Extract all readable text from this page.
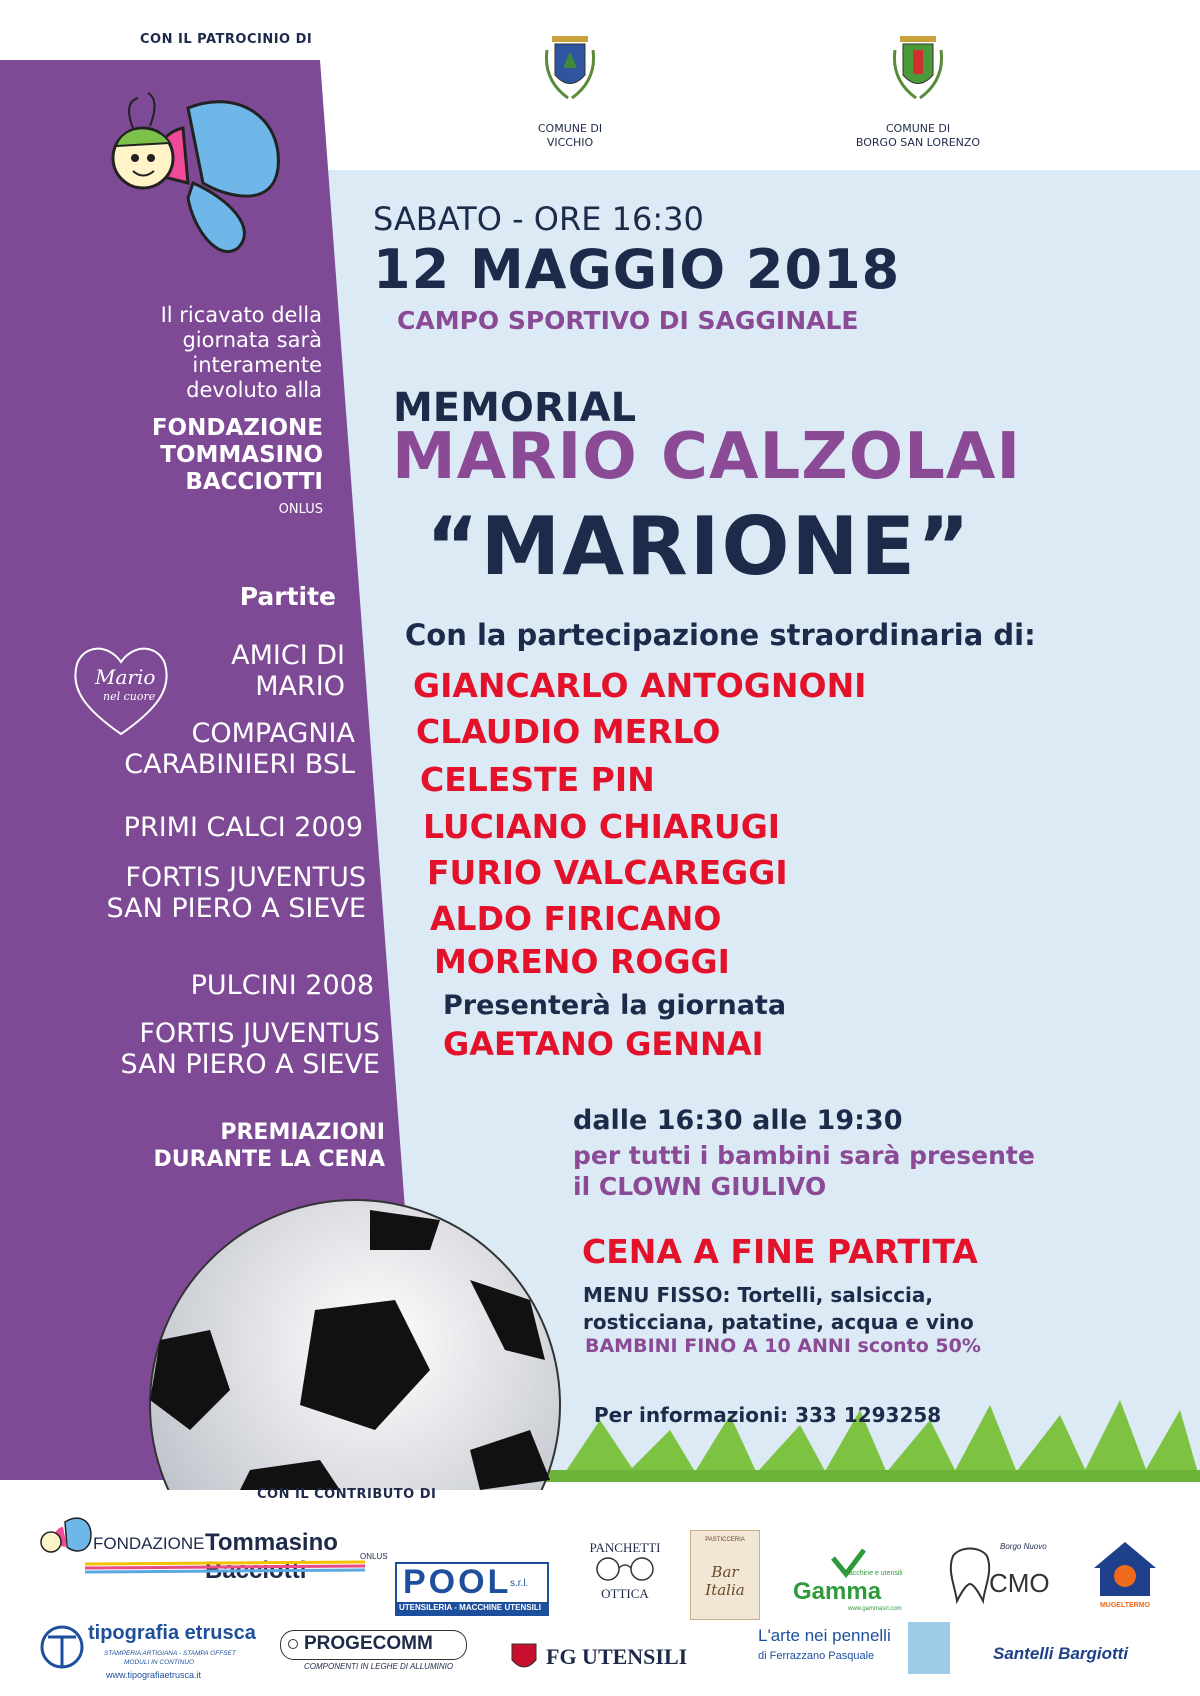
CON IL PATROCINIO DI
COMUNE DI
VICCHIO
COMUNE DI
BORGO SAN LORENZO
Il ricavato della
giornata sarà
interamente
devoluto alla
FONDAZIONE
TOMMASINO
BACCIOTTI
ONLUS
Partite
Mario
nel cuore
AMICI DI
MARIO
COMPAGNIA
CARABINIERI BSL
PRIMI CALCI 2009
FORTIS JUVENTUS
SAN PIERO A SIEVE
PULCINI 2008
FORTIS JUVENTUS
SAN PIERO A SIEVE
PREMIAZIONI
DURANTE LA CENA
SABATO - ORE 16:30
12 MAGGIO 2018
CAMPO SPORTIVO DI SAGGINALE
MEMORIAL
MARIO CALZOLAI
“MARIONE”
Con la partecipazione straordinaria di:
GIANCARLO ANTOGNONI
CLAUDIO MERLO
CELESTE PIN
LUCIANO CHIARUGI
FURIO VALCAREGGI
ALDO FIRICANO
MORENO ROGGI
Presenterà la giornata
GAETANO GENNAI
dalle 16:30 alle 19:30
per tutti i bambini sarà presente
il CLOWN GIULIVO
CENA A FINE PARTITA
MENU FISSO: Tortelli, salsiccia,
rosticciana, patatine, acqua e vino
BAMBINI FINO A 10 ANNI sconto 50%
Per informazioni: 333 1293258
CON IL CONTRIBUTO DI
FONDAZIONE Tommasino
ONLUS
POOL
s.r.l.
UTENSILERIA - MACCHINE UTENSILI
PANCHETTI
OTTICA
PASTICCERIA
Bar Italia
macchine e utensili
Gamma
www.gammasrl.com
Borgo Nuovo
CMO
MUGELTERMO
tipografia etrusca
STAMPERIA ARTIGIANA - STAMPA OFFSET
MODULI IN CONTINUO
www.tipografiaetrusca.it
PROGECOMM
COMPONENTI IN LEGHE DI ALLUMINIO	FG UTENSILI
L'arte nei pennelli
di Ferrazzano Pasquale	Santelli Bargiotti
